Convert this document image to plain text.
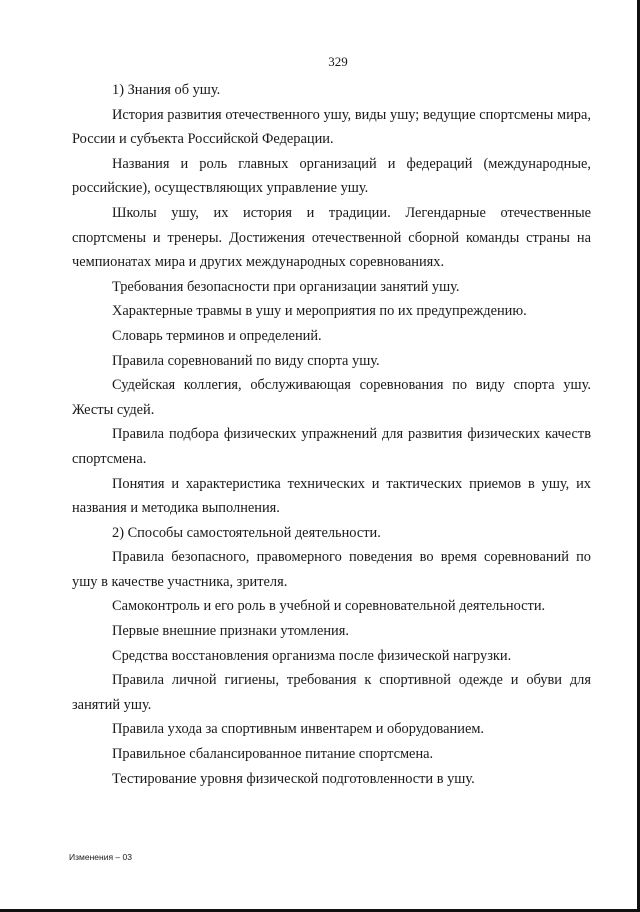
329

1) Знания об ушу.

История развития отечественного ушу, виды ушу; ведущие спортсмены мира, России и субъекта Российской Федерации.

Названия и роль главных организаций и федераций (международные, российские), осуществляющих управление ушу.

Школы ушу, их история и традиции. Легендарные отечественные спортсмены и тренеры. Достижения отечественной сборной команды страны на чемпионатах мира и других международных соревнованиях.

Требования безопасности при организации занятий ушу.

Характерные травмы в ушу и мероприятия по их предупреждению.

Словарь терминов и определений.

Правила соревнований по виду спорта ушу.

Судейская коллегия, обслуживающая соревнования по виду спорта ушу. Жесты судей.

Правила подбора физических упражнений для развития физических качеств спортсмена.

Понятия и характеристика технических и тактических приемов в ушу, их названия и методика выполнения.

2) Способы самостоятельной деятельности.

Правила безопасного, правомерного поведения во время соревнований по ушу в качестве участника, зрителя.

Самоконтроль и его роль в учебной и соревновательной деятельности.

Первые внешние признаки утомления.

Средства восстановления организма после физической нагрузки.

Правила личной гигиены, требования к спортивной одежде и обуви для занятий ушу.

Правила ухода за спортивным инвентарем и оборудованием.

Правильное сбалансированное питание спортсмена.

Тестирование уровня физической подготовленности в ушу.

Изменения – 03
